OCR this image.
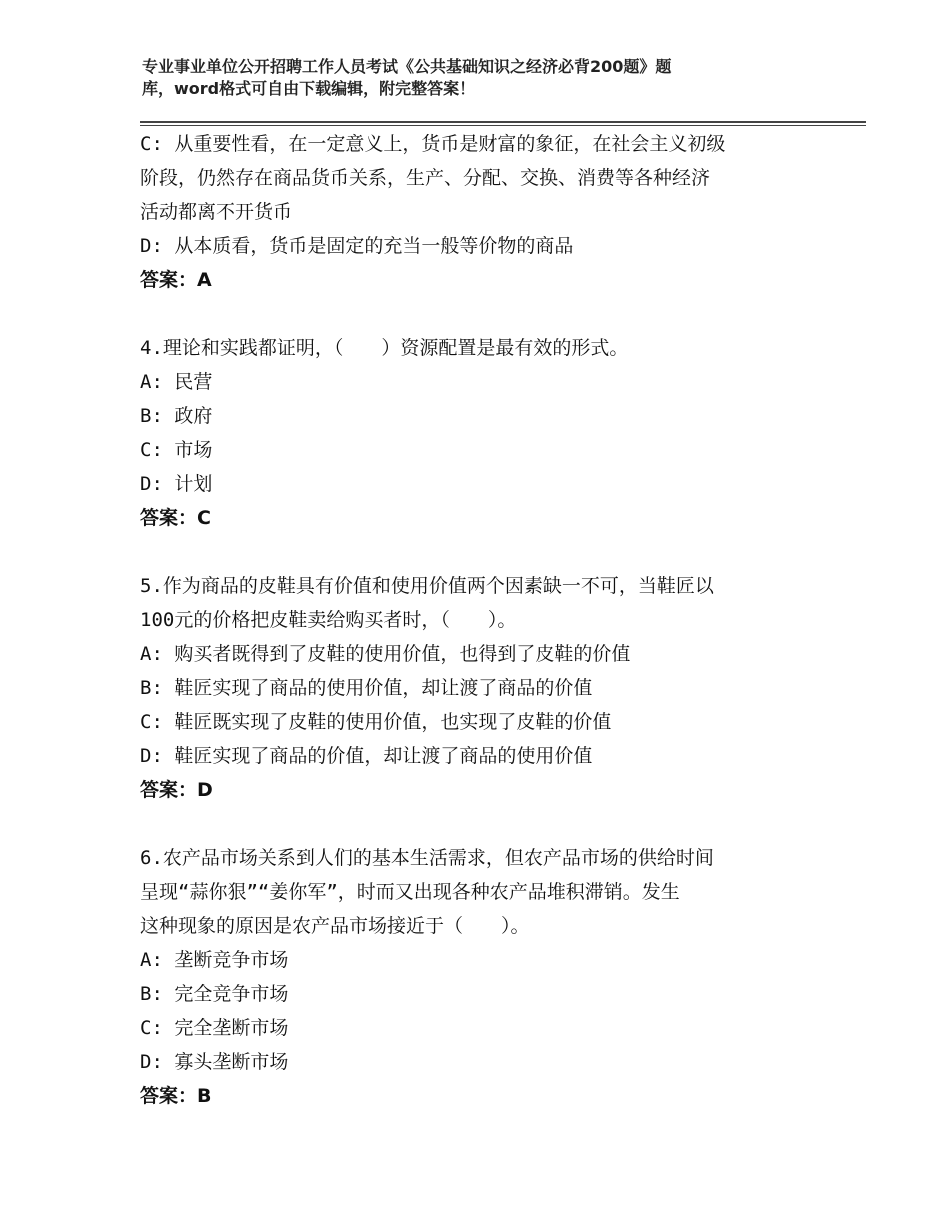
专业事业单位公开招聘工作人员考试《公共基础知识之经济必背200题》题
库，word格式可自由下载编辑，附完整答案！
C: 从重要性看，在一定意义上，货币是财富的象征，在社会主义初级
阶段，仍然存在商品货币关系，生产、分配、交换、消费等各种经济
活动都离不开货币
D: 从本质看，货币是固定的充当一般等价物的商品
答案：A
4.理论和实践都证明，（　　）资源配置是最有效的形式。
A: 民营
B: 政府
C: 市场
D: 计划
答案：C
5.作为商品的皮鞋具有价值和使用价值两个因素缺一不可，当鞋匠以
100元的价格把皮鞋卖给购买者时，（　　）。
A: 购买者既得到了皮鞋的使用价值，也得到了皮鞋的价值
B: 鞋匠实现了商品的使用价值，却让渡了商品的价值
C: 鞋匠既实现了皮鞋的使用价值，也实现了皮鞋的价值
D: 鞋匠实现了商品的价值，却让渡了商品的使用价值
答案：D
6.农产品市场关系到人们的基本生活需求，但农产品市场的供给时间
呈现“蒜你狠”“姜你军”，时而又出现各种农产品堆积滞销。发生
这种现象的原因是农产品市场接近于（　　）。
A: 垄断竞争市场
B: 完全竞争市场
C: 完全垄断市场
D: 寡头垄断市场
答案：B
